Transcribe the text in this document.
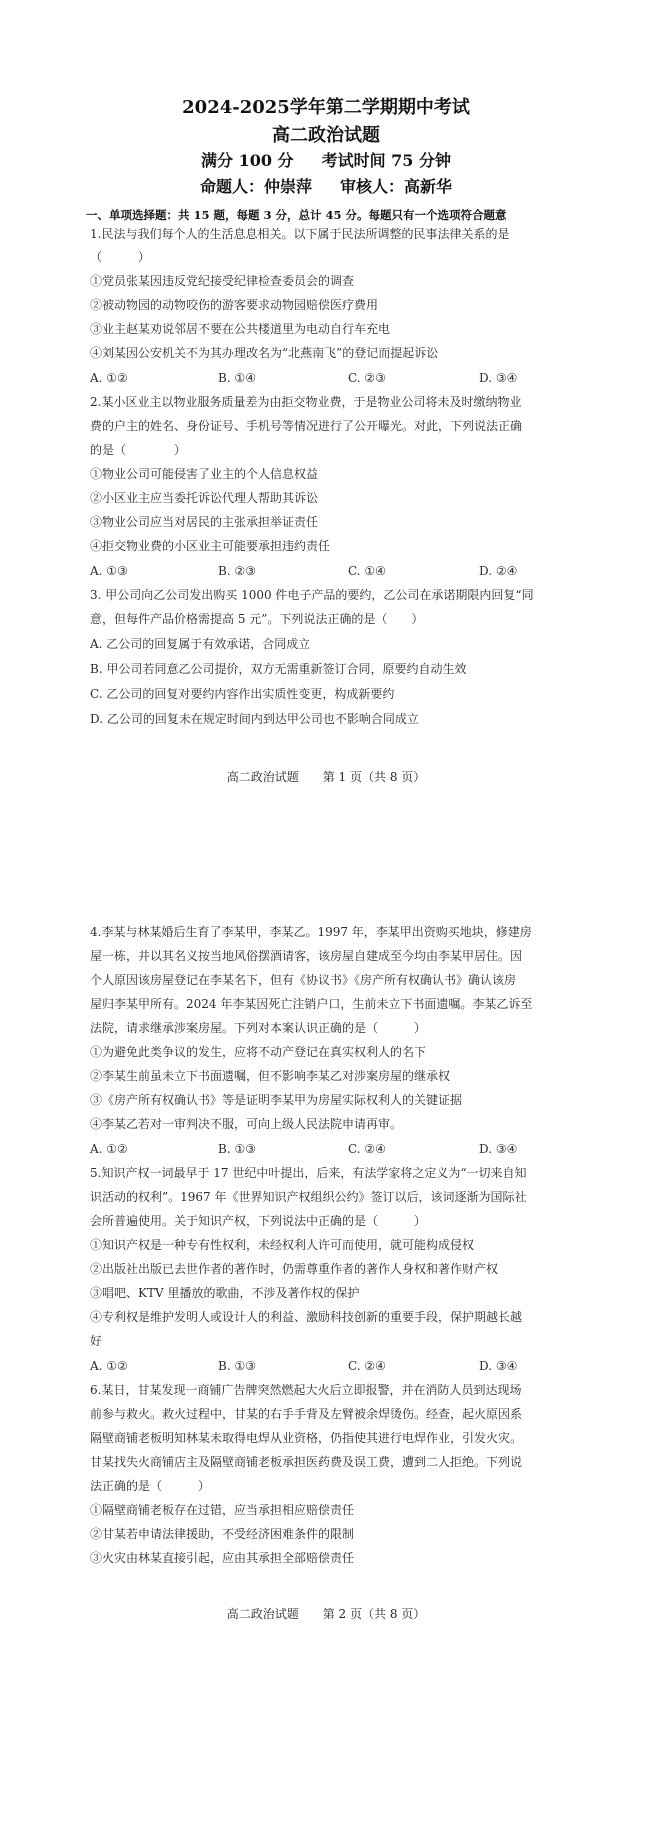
2024-2025学年第二学期期中考试
高二政治试题
满分 100 分 考试时间 75 分钟
命题人：仲崇萍 审核人：高新华
一、单项选择题：共 15 题，每题 3 分，总计 45 分。每题只有一个选项符合题意
1.民法与我们每个人的生活息息相关。以下属于民法所调整的民事法律关系的是
（　　　）
①党员张某因违反党纪接受纪律检查委员会的调查
②被动物园的动物咬伤的游客要求动物园赔偿医疗费用
③业主赵某劝说邻居不要在公共楼道里为电动自行车充电
④刘某因公安机关不为其办理改名为“北燕南飞”的登记而提起诉讼
A. ①②	B. ①④	C. ②③	D. ③④
2.某小区业主以物业服务质量差为由拒交物业费，于是物业公司将未及时缴纳物业
费的户主的姓名、身份证号、手机号等情况进行了公开曝光。对此，下列说法正确
的是（　　　　）
①物业公司可能侵害了业主的个人信息权益
②小区业主应当委托诉讼代理人帮助其诉讼
③物业公司应当对居民的主张承担举证责任
④拒交物业费的小区业主可能要承担违约责任
A. ①③	B. ②③	C. ①④	D. ②④
3. 甲公司向乙公司发出购买 1000 件电子产品的要约，乙公司在承诺期限内回复“同
意，但每件产品价格需提高 5 元”。下列说法正确的是（　　）
A. 乙公司的回复属于有效承诺，合同成立
B. 甲公司若同意乙公司提价，双方无需重新签订合同，原要约自动生效
C. 乙公司的回复对要约内容作出实质性变更，构成新要约
D. 乙公司的回复未在规定时间内到达甲公司也不影响合同成立
高二政治试题　　第 1 页（共 8 页）
4.李某与林某婚后生育了李某甲，李某乙。1997 年，李某甲出资购买地块，修建房
屋一栋，并以其名义按当地风俗摆酒请客，该房屋自建成至今均由李某甲居住。因
个人原因该房屋登记在李某名下，但有《协议书》《房产所有权确认书》确认该房
屋归李某甲所有。2024 年李某因死亡注销户口，生前未立下书面遗嘱。李某乙诉至
法院，请求继承涉案房屋。下列对本案认识正确的是（　　　）
①为避免此类争议的发生，应将不动产登记在真实权利人的名下
②李某生前虽未立下书面遗嘱，但不影响李某乙对涉案房屋的继承权
③《房产所有权确认书》等是证明李某甲为房屋实际权利人的关键证据
④李某乙若对一审判决不服，可向上级人民法院申请再审。
A. ①②	B. ①③	C. ②④	D. ③④
5.知识产权一词最早于 17 世纪中叶提出，后来，有法学家将之定义为“一切来自知
识活动的权利”。1967 年《世界知识产权组织公约》签订以后，该词逐渐为国际社
会所普遍使用。关于知识产权，下列说法中正确的是（　　　）
①知识产权是一种专有性权利，未经权利人许可而使用，就可能构成侵权
②出版社出版已去世作者的著作时，仍需尊重作者的著作人身权和著作财产权
③唱吧、KTV 里播放的歌曲，不涉及著作权的保护
④专利权是维护发明人或设计人的利益、激励科技创新的重要手段，保护期越长越
好
A. ①②	B. ①③	C. ②④	D. ③④
6.某日，甘某发现一商铺广告牌突然燃起大火后立即报警，并在消防人员到达现场
前参与救火。救火过程中，甘某的右手手背及左臂被余焊烫伤。经查，起火原因系
隔壁商铺老板明知林某未取得电焊从业资格，仍指使其进行电焊作业，引发火灾。
甘某找失火商铺店主及隔壁商铺老板承担医药费及误工费，遭到二人拒绝。下列说
法正确的是（　　　）
①隔壁商铺老板存在过错，应当承担相应赔偿责任
②甘某若申请法律援助，不受经济困难条件的限制
③火灾由林某直接引起，应由其承担全部赔偿责任
高二政治试题　　第 2 页（共 8 页）
